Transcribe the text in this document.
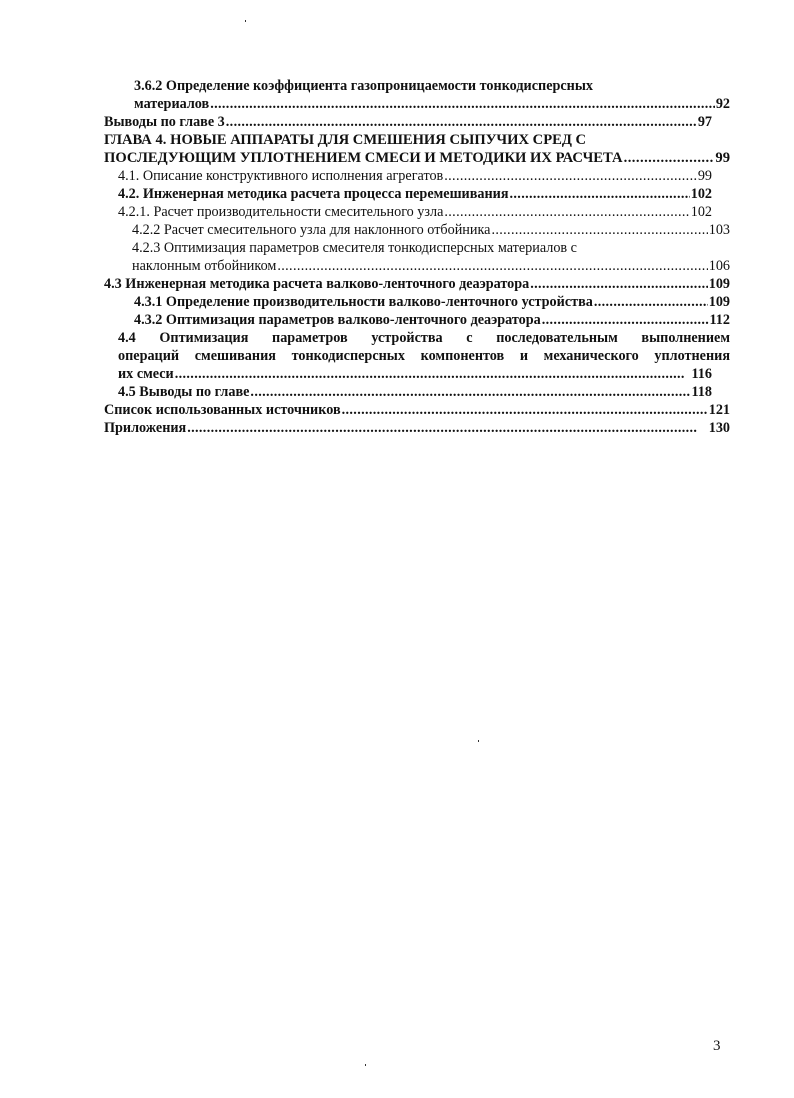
3.6.2 Определение коэффициента газопроницаемости тонкодисперсных
материалов . . .	92
Выводы по главе 3 . . .	97
ГЛАВА 4. НОВЫЕ АППАРАТЫ ДЛЯ СМЕШЕНИЯ СЫПУЧИХ СРЕД С
ПОСЛЕДУЮЩИМ УПЛОТНЕНИЕМ СМЕСИ И МЕТОДИКИ ИХ РАСЧЕТА . . .	99
4.1. Описание конструктивного исполнения агрегатов . . .	99
4.2. Инженерная методика расчета процесса перемешивания . . .	102
4.2.1. Расчет производительности смесительного узла . . .	102
4.2.2 Расчет смесительного узла для наклонного отбойника . . .	103
4.2.3 Оптимизация параметров смесителя тонкодисперсных материалов с
наклонным отбойником . . .	106
4.3 Инженерная методика расчета валково-ленточного деаэратора . . .	109
4.3.1 Определение производительности валково-ленточного устройства . . .	109
4.3.2 Оптимизация параметров валково-ленточного деаэратора . . .	112
4.4 Оптимизация параметров устройства с последовательным выполнением
операций смешивания тонкодисперсных компонентов и механического уплотнения
их смеси . . .	116
4.5 Выводы по главе . . .	118
Список использованных источников . . .	121
Приложения . . .	130
3
